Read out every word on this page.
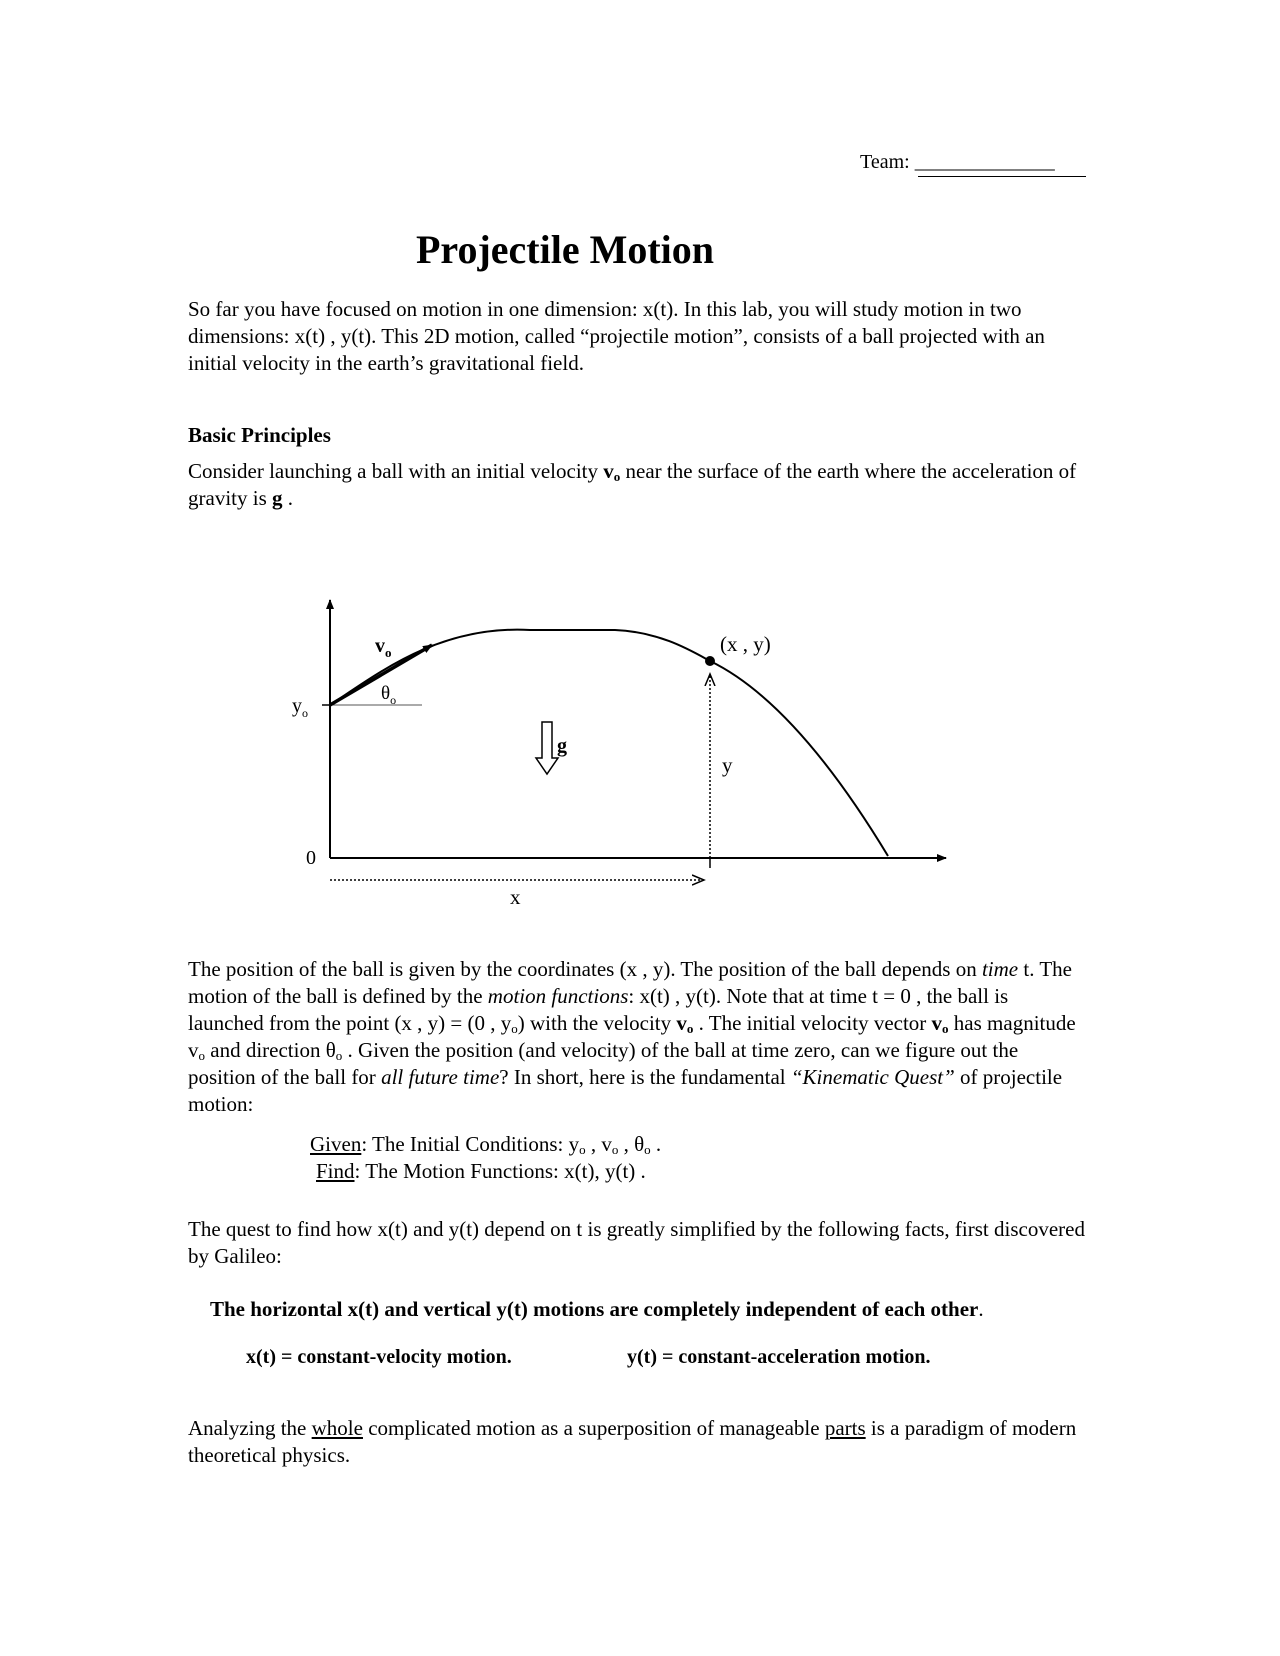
Team: ______________
Projectile Motion

So far you have focused on motion in one dimension: x(t). In this lab, you will study motion in two dimensions: x(t) , y(t). This 2D motion, called “projectile motion”, consists of a ball projected with an initial velocity in the earth’s gravitational field.

Basic Principles

Consider launching a ball with an initial velocity $v_o$ near the surface of the earth where the acceleration of gravity is g .

$v_o$
$\theta_o$
$y_o$
(x , y)
g
y
0
x

The position of the ball is given by the coordinates (x , y). The position of the ball depends on time t. The motion of the ball is defined by the motion functions: x(t) , y(t). Note that at time t = 0 , the ball is launched from the point (x , y) = (0 , $y_o$) with the velocity $v_o$ . The initial velocity vector $v_o$ has magnitude $v_o$ and direction $\theta_o$ . Given the position (and velocity) of the ball at time zero, can we figure out the position of the ball for all future time? In short, here is the fundamental “Kinematic Quest” of projectile motion:

Given: The Initial Conditions: $y_o$ , $v_o$ , $\theta_o$ .
Find: The Motion Functions: x(t), y(t) .

The quest to find how x(t) and y(t) depend on t is greatly simplified by the following facts, first discovered by Galileo:

The horizontal x(t) and vertical y(t) motions are completely independent of each other.
x(t) = constant-velocity motion.	y(t) = constant-acceleration motion.

Analyzing the whole complicated motion as a superposition of manageable parts is a paradigm of modern theoretical physics.
